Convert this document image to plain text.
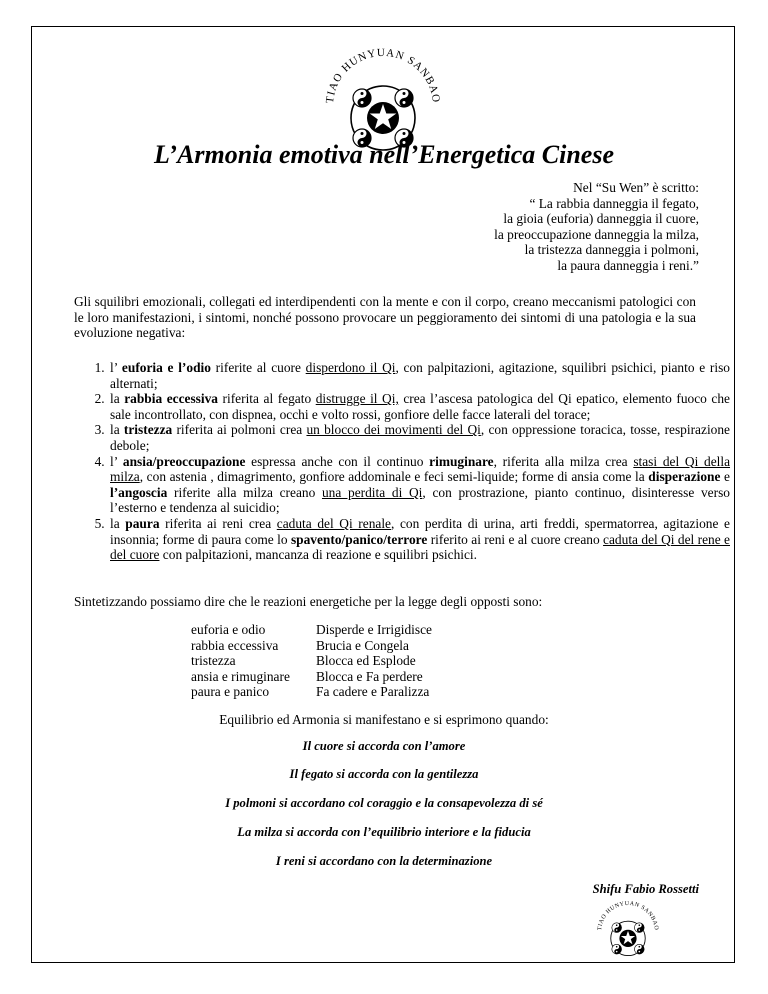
TIAO HUNYUAN SANBAO
L’Armonia emotiva nell’Energetica Cinese
Nel “Su Wen” è scritto:
“ La rabbia danneggia il fegato,
la gioia (euforia) danneggia il cuore,
la preoccupazione danneggia la milza,
la tristezza danneggia i polmoni,
la paura danneggia i reni.”
Gli squilibri emozionali, collegati ed interdipendenti con la mente e con il corpo, creano meccanismi patologici con le loro manifestazioni, i sintomi, nonché possono provocare un peggioramento dei sintomi di una patologia e la sua evoluzione negativa:
1. l’ euforia e l’odio riferite al cuore disperdono il Qi, con palpitazioni, agitazione, squilibri psichici, pianto e riso alternati;
2. la rabbia eccessiva riferita al fegato distrugge il Qi, crea l’ascesa patologica del Qi epatico, elemento fuoco che sale incontrollato, con dispnea, occhi e volto rossi, gonfiore delle facce laterali del torace;
3. la tristezza riferita ai polmoni crea un blocco dei movimenti del Qi, con oppressione toracica, tosse, respirazione debole;
4. l’ ansia/preoccupazione espressa anche con il continuo rimuginare, riferita alla milza crea stasi del Qi della milza, con astenia , dimagrimento, gonfiore addominale e feci semi-liquide; forme di ansia come la disperazione e l’angoscia riferite alla milza creano una perdita di Qi, con prostrazione, pianto continuo, disinteresse verso l’esterno e tendenza al suicidio;
5. la paura riferita ai reni crea caduta del Qi renale, con perdita di urina, arti freddi, spermatorrea, agitazione e insonnia; forme di paura come lo spavento/panico/terrore riferito ai reni e al cuore creano caduta del Qi del rene e del cuore con palpitazioni, mancanza di reazione e squilibri psichici.
Sintetizzando possiamo dire che le reazioni energetiche per la legge degli opposti sono:
euforia e odio	Disperde e Irrigidisce
rabbia eccessiva	Brucia e Congela
tristezza	Blocca ed Esplode
ansia e rimuginare	Blocca e Fa perdere
paura e panico	Fa cadere e Paralizza
Equilibrio ed Armonia si manifestano e si esprimono quando:
Il cuore si accorda con l’amore
Il fegato si accorda con la gentilezza
I polmoni si accordano col coraggio e la consapevolezza di sé
La milza si accorda con l’equilibrio interiore e la fiducia
I reni si accordano con la determinazione
Shifu Fabio Rossetti
TIAO HUNYUAN SANBAO
